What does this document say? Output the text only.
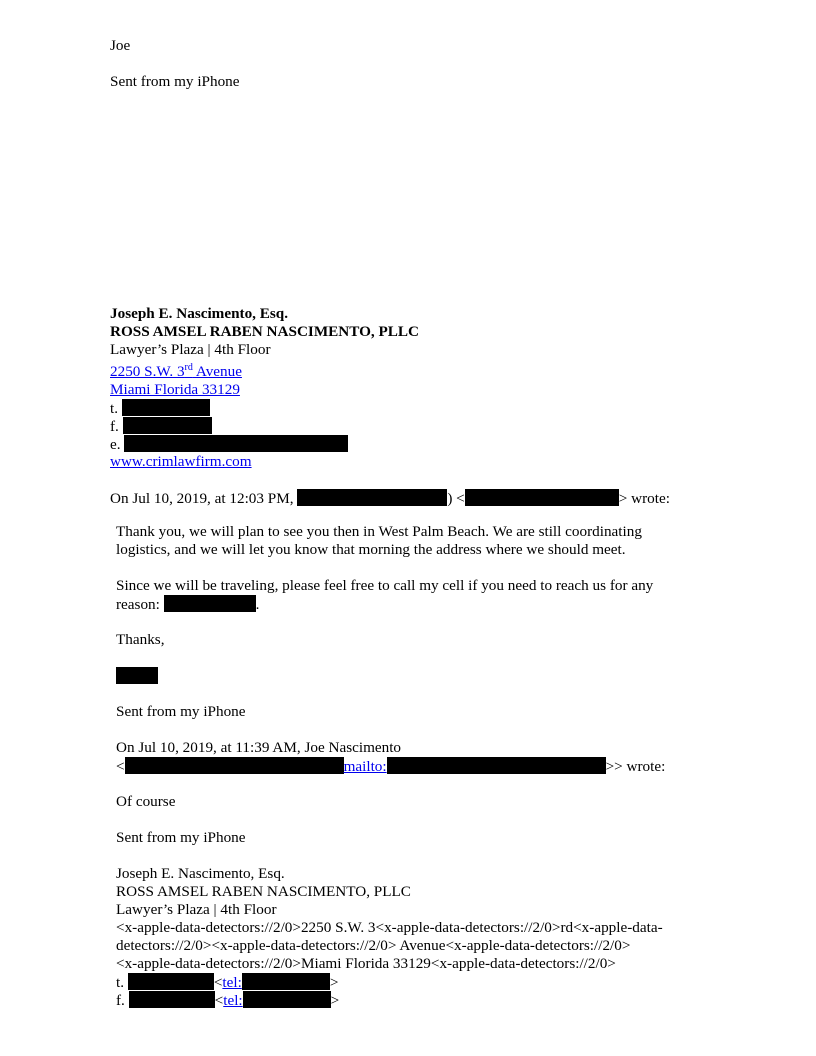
Joe
Sent from my iPhone
Joseph E. Nascimento, Esq.
ROSS AMSEL RABEN NASCIMENTO, PLLC
Lawyer’s Plaza | 4th Floor
2250 S.W. 3rd Avenue
Miami Florida 33129
t.
f.
e.
www.crimlawfirm.com
On Jul 10, 2019, at 12:03 PM,	) <	> wrote:
Thank you, we will plan to see you then in West Palm Beach. We are still coordinating
logistics, and we will let you know that morning the address where we should meet.
Since we will be traveling, please feel free to call my cell if you need to reach us for any
reason:	.
Thanks,
Sent from my iPhone
On Jul 10, 2019, at 11:39 AM, Joe Nascimento
<	mailto:	>> wrote:
Of course
Sent from my iPhone
Joseph E. Nascimento, Esq.
ROSS AMSEL RABEN NASCIMENTO, PLLC
Lawyer’s Plaza | 4th Floor
<x-apple-data-detectors://2/0>2250 S.W. 3<x-apple-data-detectors://2/0>rd<x-apple-data-
detectors://2/0><x-apple-data-detectors://2/0> Avenue<x-apple-data-detectors://2/0>
<x-apple-data-detectors://2/0>Miami Florida 33129<x-apple-data-detectors://2/0>
t.	<tel:	>
f.	<tel:	>
